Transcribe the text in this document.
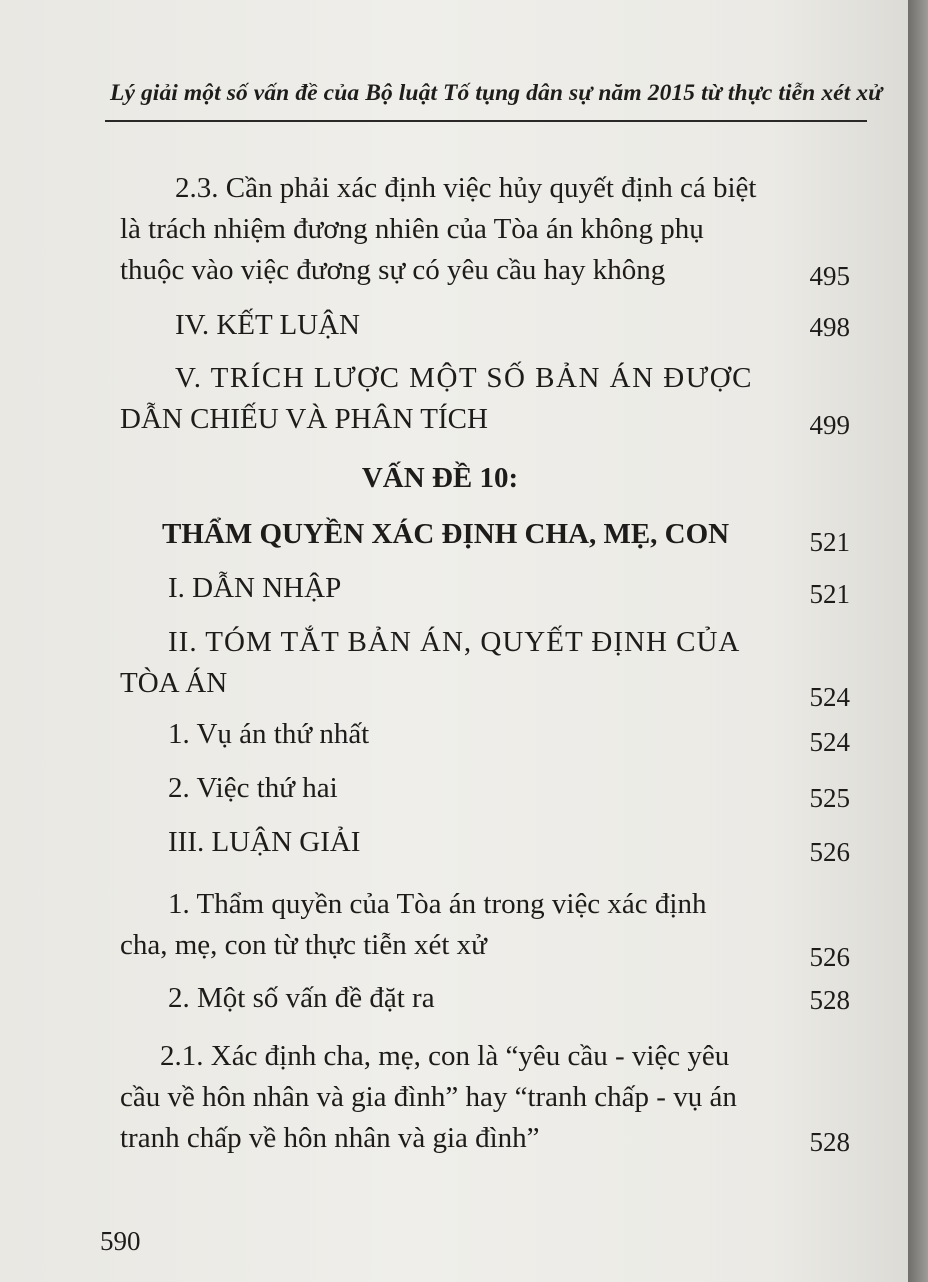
Lý giải một số vấn đề của Bộ luật Tố tụng dân sự năm 2015 từ thực tiễn xét xử
2.3. Cần phải xác định việc hủy quyết định cá biệt
là trách nhiệm đương nhiên của Tòa án không phụ
thuộc vào việc đương sự có yêu cầu hay không	495
IV. KẾT LUẬN	498
V. TRÍCH LƯỢC MỘT SỐ BẢN ÁN ĐƯỢC
DẪN CHIẾU VÀ PHÂN TÍCH	499
VẤN ĐỀ 10:
THẨM QUYỀN XÁC ĐỊNH CHA, MẸ, CON	521
I. DẪN NHẬP	521
II. TÓM TẮT BẢN ÁN, QUYẾT ĐỊNH CỦA
TÒA ÁN	524
1. Vụ án thứ nhất	524
2. Việc thứ hai	525
III. LUẬN GIẢI	526
1. Thẩm quyền của Tòa án trong việc xác định
cha, mẹ, con từ thực tiễn xét xử	526
2. Một số vấn đề đặt ra	528
2.1. Xác định cha, mẹ, con là “yêu cầu - việc yêu
cầu về hôn nhân và gia đình” hay “tranh chấp - vụ án
tranh chấp về hôn nhân và gia đình”	528
590
